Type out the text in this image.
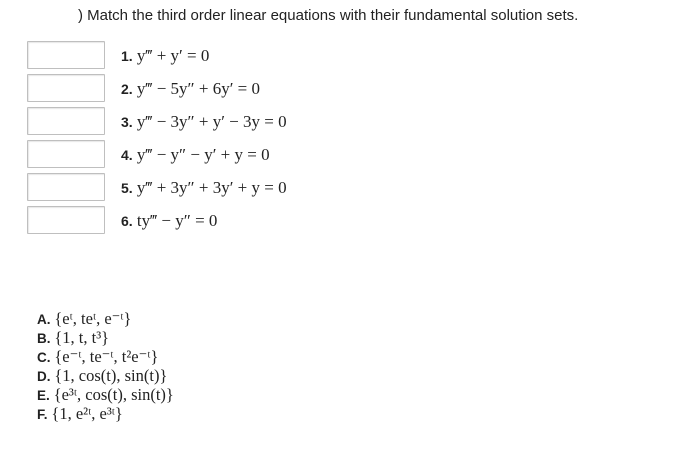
) Match the third order linear equations with their fundamental solution sets.
1. y‴ + y′ = 0
2. y‴ − 5y″ + 6y′ = 0
3. y‴ − 3y″ + y′ − 3y = 0
4. y‴ − y″ − y′ + y = 0
5. y‴ + 3y″ + 3y′ + y = 0
6. ty‴ − y″ = 0
A. {eᵗ, teᵗ, e⁻ᵗ}
B. {1, t, t³}
C. {e⁻ᵗ, te⁻ᵗ, t²e⁻ᵗ}
D. {1, cos(t), sin(t)}
E. {e³ᵗ, cos(t), sin(t)}
F. {1, e²ᵗ, e³ᵗ}
